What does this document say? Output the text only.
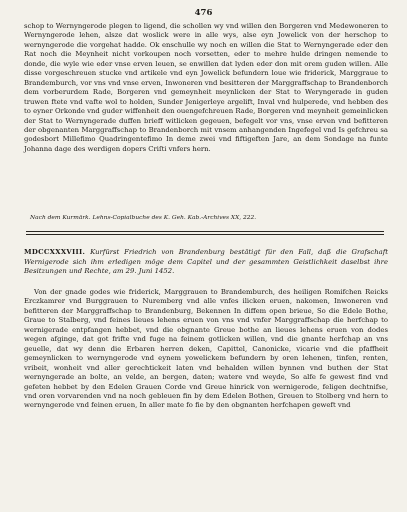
476
schop to Wernyngerode plegen to ligend, die schollen wy vnd willen den Borgeren vnd Medewoneren to Wernyngerode lehen, alsze dat woslick were in alle wys, alse eyn Jowelick von der herschop to wernyngerode die vorgehat hadde. Ok enschulle wy noch en willen die Stat to Wernyngerade eder den Rat noch die Meynheit nicht vorkoupen noch vorsetten, eder to mehre hulde dringen nemende to donde, die wyle wie eder vnse erven leuen, se enwillen dat lyden eder don mit orem guden willen. Alle disse vorgeschreuen stucke vnd artikele vnd eyn Jowelick befundern loue wie friderick, Marggraue to Brandemburch, vor vns vnd vnse erven, Inwoneren vnd besitteren der Marggraffschap to Brandenborch dem vorberurdem Rade, Borgeren vnd gemeynheit meynlicken der Stat to Weryngerade in guden truwen ftete vnd vafte wol to holden, Sunder Jenigerleye argelift, Inval vnd hulperede, vnd hebben des to eyner Orkonde vnd guder wiffenheit den ouengefchreuen Rade, Borgeren vnd meynheit gemeinlicken der Stat to Wernyngerade duffen brieff witlicken gegeuen, befegelt vor vns, vnse erven vnd befitteren der obgenanten Marggraffschap to Brandenborch mit vnsem anhangenden Ingefegel vnd Is gefchreu sa godesbort Millefimo Quadringentefimo In deme zwei vnd fiftigeften Jare, an dem Sondage na funte Johanna dage des werdigen dopers Criſti vnfers hern.
Nach dem Kurmärk. Lehns-Copialbuche des K. Geh. Kab.-Archives XX, 222.
MDCCXXXVIII. Kurfürst Friedrich von Brandenburg bestätigt für den Fall, daß die Grafschaft Wernigerode sich ihm erledigen möge dem Capitel und der gesammten Geistlichkeit daselbst ihre Besitzungen und Rechte, am 29. Juni 1452.
Von der gnade godes wie friderick, Marggrauen to Brandemburch, des heiligen Romifchen Reicks Erczkamrer vnd Burggrauen to Nuremberg vnd alle vnfes ilicken eruen, nakomen, Inwoneren vnd befitteren der Marggraffschap to Brandenburg, Bekennen In diffem open brieue, So die Edele Bothe, Graue to Stalberg, vnd feines lieues lehens eruen von vns vnd vnfer Marggraffschap die herfchap to wernigerade entpfangen hebbet, vnd die obgnante Greue bothe an lieues lehens eruen von dodes wegen afginge, dat got frifte vnd fuge na feinem gotlicken willen, vnd die gnante herfchap an vns geuelle, dat wy denn die Erbaren herren deken, Capittel, Canonicke, vicarie vnd die pfaffheit gemeynlicken to wernyngerode vnd eynem yowelickem befundern by oren lehenen, tinfen, renten, vribeit, wonheit vnd aller gerechtickeit laten vnd behalden willen bynnen vnd buthen der Stat wernyngerade an bolte, an velde, an bergen, daten; watere vnd weyde, So alfe fe gewest find vnd gefeten hebbet by den Edelen Grauen Corde vnd Greue hinrick von wernigerode, feligen dechtnifse, vnd oren vorvarenden vnd na noch gebleuen fin by dem Edelen Bothen, Greuen to Stolberg vnd hern to wernyngerode vnd feinen eruen, In aller mate fo fie by den obgnanten herfchapen geweft vnd
